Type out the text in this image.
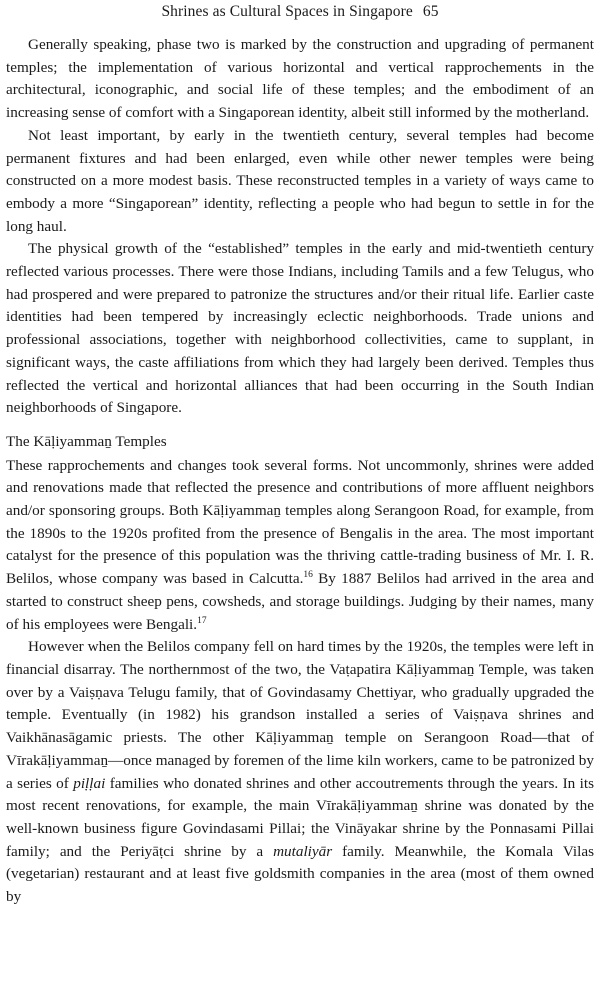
Shrines as Cultural Spaces in Singapore 65

Generally speaking, phase two is marked by the construction and upgrading of permanent temples; the implementation of various horizontal and vertical rapprochements in the architectural, iconographic, and social life of these temples; and the embodiment of an increasing sense of comfort with a Singaporean identity, albeit still informed by the motherland.

Not least important, by early in the twentieth century, several temples had become permanent fixtures and had been enlarged, even while other newer temples were being constructed on a more modest basis. These reconstructed temples in a variety of ways came to embody a more “Singaporean” identity, reflecting a people who had begun to settle in for the long haul.

The physical growth of the “established” temples in the early and mid-twentieth century reflected various processes. There were those Indians, including Tamils and a few Telugus, who had prospered and were prepared to patronize the structures and/or their ritual life. Earlier caste identities had been tempered by increasingly eclectic neighborhoods. Trade unions and professional associations, together with neighborhood collectivities, came to supplant, in significant ways, the caste affiliations from which they had largely been derived. Temples thus reflected the vertical and horizontal alliances that had been occurring in the South Indian neighborhoods of Singapore.

The Kāḷiyammaṉ Temples

These rapprochements and changes took several forms. Not uncommonly, shrines were added and renovations made that reflected the presence and contributions of more affluent neighbors and/or sponsoring groups. Both Kāḷiyammaṉ temples along Serangoon Road, for example, from the 1890s to the 1920s profited from the presence of Bengalis in the area. The most important catalyst for the presence of this population was the thriving cattle-trading business of Mr. I. R. Belilos, whose company was based in Calcutta.$^{16}$ By 1887 Belilos had arrived in the area and started to construct sheep pens, cowsheds, and storage buildings. Judging by their names, many of his employees were Bengali.$^{17}$

However when the Belilos company fell on hard times by the 1920s, the temples were left in financial disarray. The northernmost of the two, the Vaṭapatira Kāḷiyammaṉ Temple, was taken over by a Vaiṣṇava Telugu family, that of Govindasamy Chettiyar, who gradually upgraded the temple. Eventually (in 1982) his grandson installed a series of Vaiṣṇava shrines and Vaikhānasāgamic priests. The other Kāḷiyammaṉ temple on Serangoon Road—that of Vīrakāḷiyammaṉ—once managed by foremen of the lime kiln workers, came to be patronized by a series of piḷḷai families who donated shrines and other accoutrements through the years. In its most recent renovations, for example, the main Vīrakāḷiyammaṉ shrine was donated by the well-known business figure Govindasami Pillai; the Vināyakar shrine by the Ponnasami Pillai family; and the Periyāṭci shrine by a mutaliyār family. Meanwhile, the Komala Vilas (vegetarian) restaurant and at least five goldsmith companies in the area (most of them owned by
